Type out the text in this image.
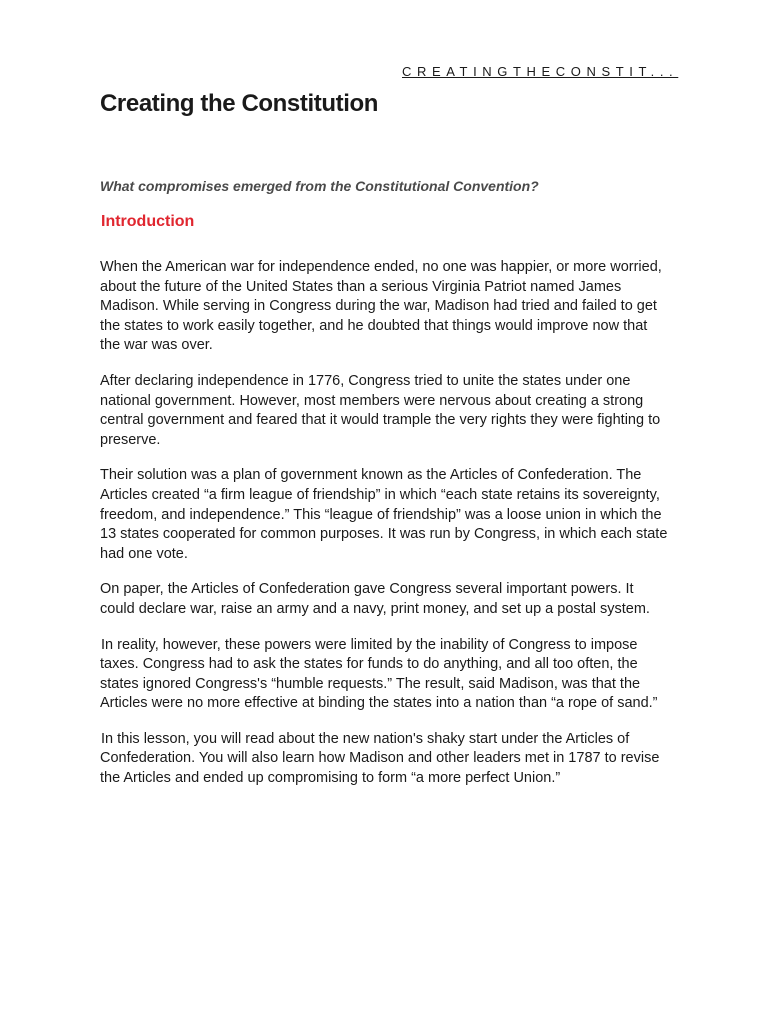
CREATINGTHECONSTIT...
Creating the Constitution

What compromises emerged from the Constitutional Convention?

Introduction

When the American war for independence ended, no one was happier, or more worried, about the future of the United States than a serious Virginia Patriot named James Madison. While serving in Congress during the war, Madison had tried and failed to get the states to work easily together, and he doubted that things would improve now that the war was over.

After declaring independence in 1776, Congress tried to unite the states under one national government. However, most members were nervous about creating a strong central government and feared that it would trample the very rights they were fighting to preserve.

Their solution was a plan of government known as the Articles of Confederation. The Articles created “a firm league of friendship” in which “each state retains its sovereignty, freedom, and independence.” This “league of friendship” was a loose union in which the 13 states cooperated for common purposes. It was run by Congress, in which each state had one vote.

On paper, the Articles of Confederation gave Congress several important powers. It could declare war, raise an army and a navy, print money, and set up a postal system.

In reality, however, these powers were limited by the inability of Congress to impose taxes. Congress had to ask the states for funds to do anything, and all too often, the states ignored Congress's “humble requests.” The result, said Madison, was that the Articles were no more effective at binding the states into a nation than “a rope of sand.”

In this lesson, you will read about the new nation's shaky start under the Articles of Confederation. You will also learn how Madison and other leaders met in 1787 to revise the Articles and ended up compromising to form “a more perfect Union.”
